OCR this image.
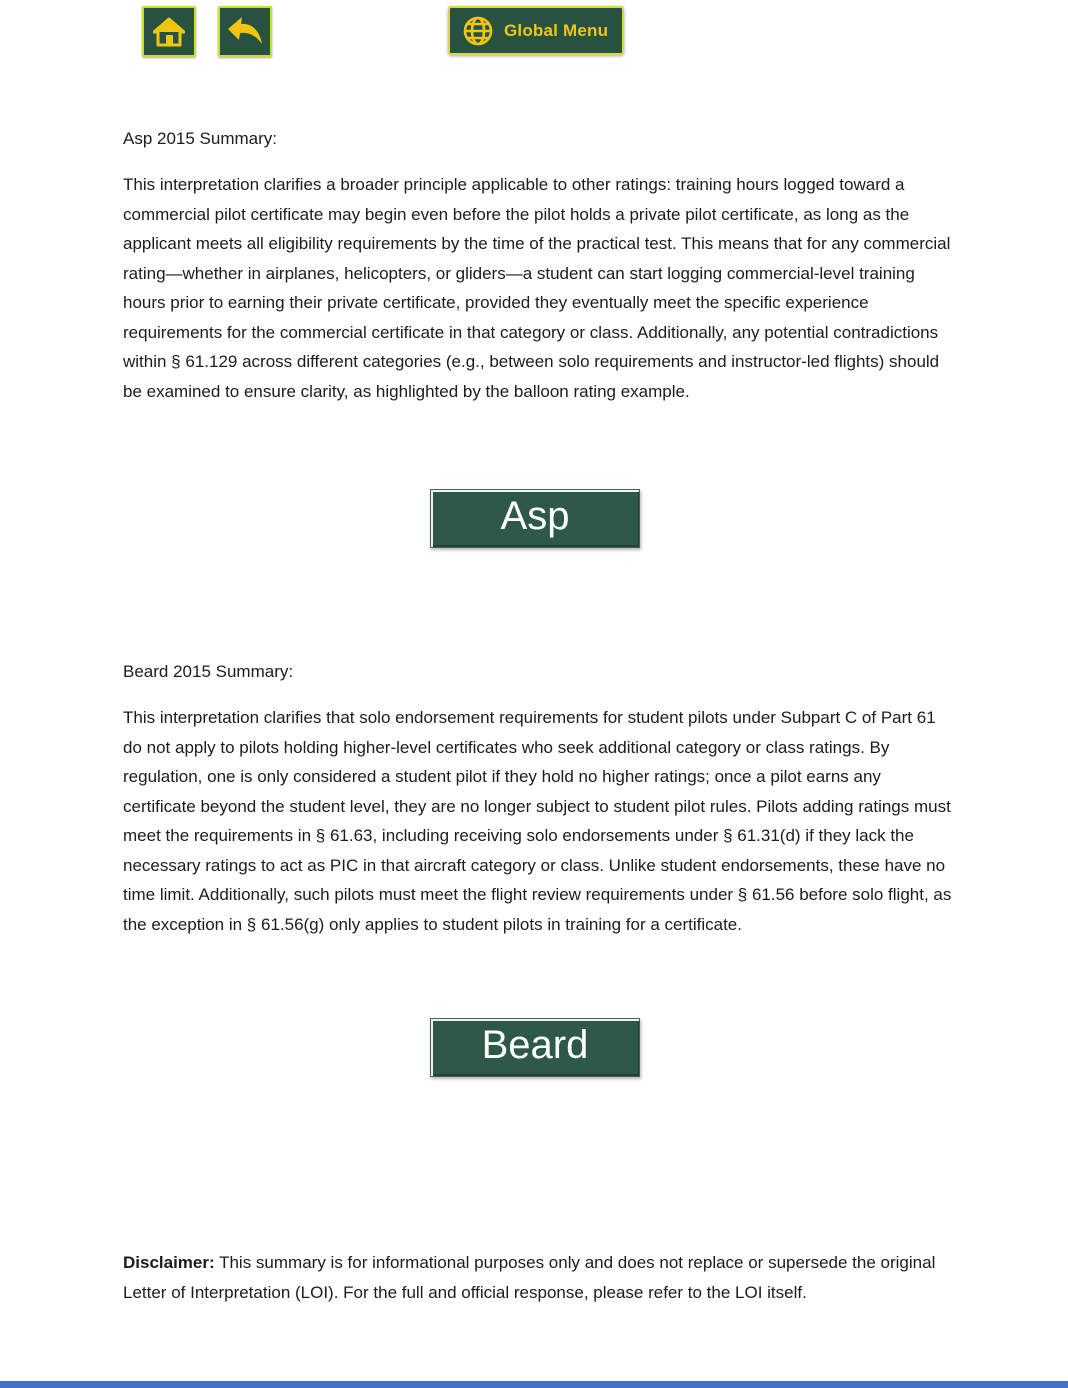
Global Menu

Asp 2015 Summary:

This interpretation clarifies a broader principle applicable to other ratings: training hours logged toward a commercial pilot certificate may begin even before the pilot holds a private pilot certificate, as long as the applicant meets all eligibility requirements by the time of the practical test. This means that for any commercial rating—whether in airplanes, helicopters, or gliders—a student can start logging commercial-level training hours prior to earning their private certificate, provided they eventually meet the specific experience requirements for the commercial certificate in that category or class. Additionally, any potential contradictions within § 61.129 across different categories (e.g., between solo requirements and instructor-led flights) should be examined to ensure clarity, as highlighted by the balloon rating example.

Beard 2015 Summary:

This interpretation clarifies that solo endorsement requirements for student pilots under Subpart C of Part 61 do not apply to pilots holding higher-level certificates who seek additional category or class ratings. By regulation, one is only considered a student pilot if they hold no higher ratings; once a pilot earns any certificate beyond the student level, they are no longer subject to student pilot rules. Pilots adding ratings must meet the requirements in § 61.63, including receiving solo endorsements under § 61.31(d) if they lack the necessary ratings to act as PIC in that aircraft category or class. Unlike student endorsements, these have no time limit. Additionally, such pilots must meet the flight review requirements under § 61.56 before solo flight, as the exception in § 61.56(g) only applies to student pilots in training for a certificate.

Asp
Beard

Disclaimer: This summary is for informational purposes only and does not replace or supersede the original Letter of Interpretation (LOI). For the full and official response, please refer to the LOI itself.
